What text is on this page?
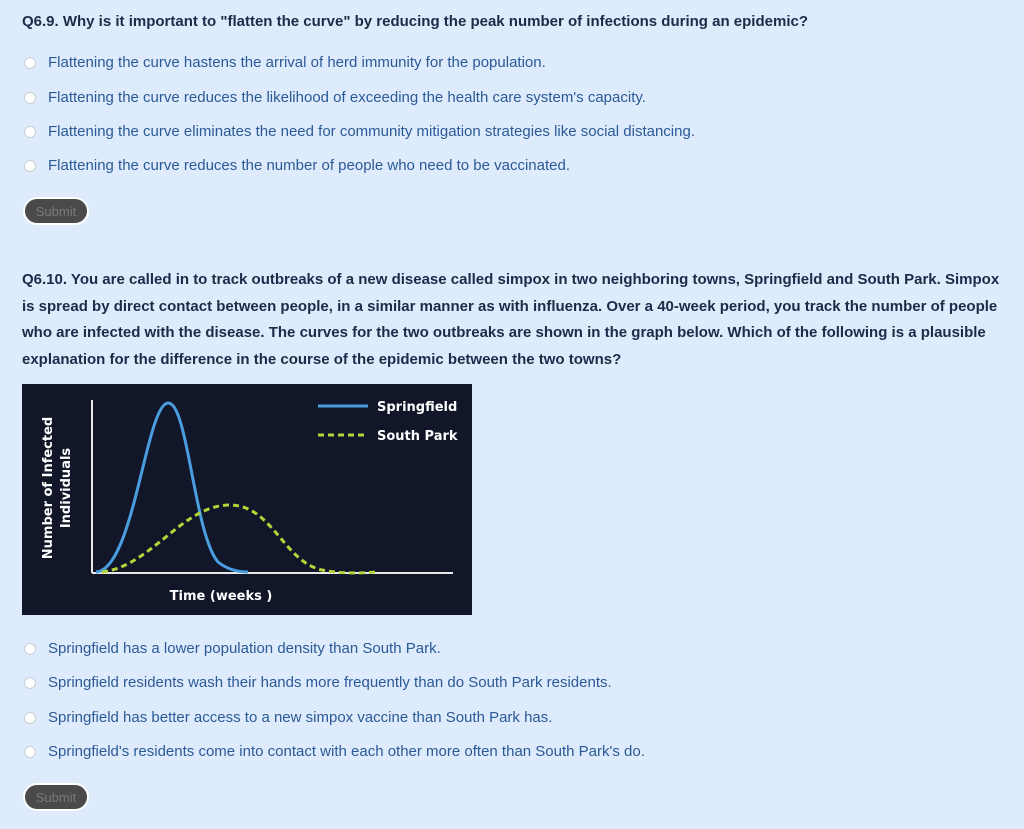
Q6.9. Why is it important to "flatten the curve" by reducing the peak number of infections during an epidemic?
Flattening the curve hastens the arrival of herd immunity for the population.
Flattening the curve reduces the likelihood of exceeding the health care system's capacity.
Flattening the curve eliminates the need for community mitigation strategies like social distancing.
Flattening the curve reduces the number of people who need to be vaccinated.
Submit
Q6.10. You are called in to track outbreaks of a new disease called simpox in two neighboring towns, Springfield and South Park. Simpox is spread by direct contact between people, in a similar manner as with influenza. Over a 40-week period, you track the number of people who are infected with the disease. The curves for the two outbreaks are shown in the graph below. Which of the following is a plausible explanation for the difference in the course of the epidemic between the two towns?
Springfield
South Park
Time (weeks )
Number of Infected Individuals
Springfield has a lower population density than South Park.
Springfield residents wash their hands more frequently than do South Park residents.
Springfield has better access to a new simpox vaccine than South Park has.
Springfield's residents come into contact with each other more often than South Park's do.
Submit
